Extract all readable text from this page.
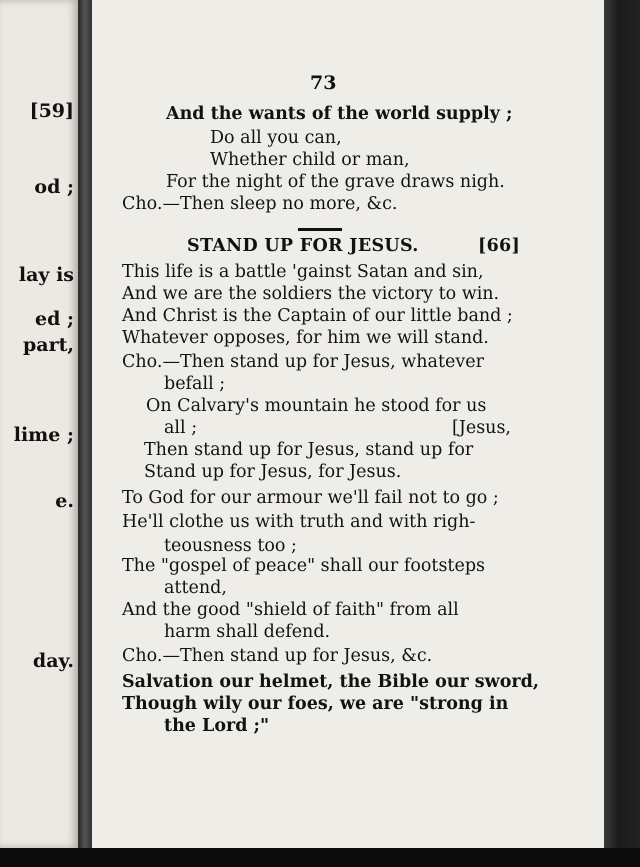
[59]
od ;
lay is
ed ;
part,
lime ;
e.
day.
73
And the wants of the world supply ;
Do all you can,
Whether child or man,
For the night of the grave draws nigh.
Cho.—Then sleep no more, &c.
STAND UP FOR JESUS.	[66]
This life is a battle 'gainst Satan and sin,
And we are the soldiers the victory to win.
And Christ is the Captain of our little band ;
Whatever opposes, for him we will stand.
Cho.—Then stand up for Jesus, whatever
befall ;
On Calvary's mountain he stood for us
all ;	[Jesus,
Then stand up for Jesus, stand up for
Stand up for Jesus, for Jesus.
To God for our armour we'll fail not to go ;
He'll clothe us with truth and with righ-
teousness too ;
The "gospel of peace" shall our footsteps
attend,
And the good "shield of faith" from all
harm shall defend.
Cho.—Then stand up for Jesus, &c.
Salvation our helmet, the Bible our sword,
Though wily our foes, we are "strong in
the Lord ;"
